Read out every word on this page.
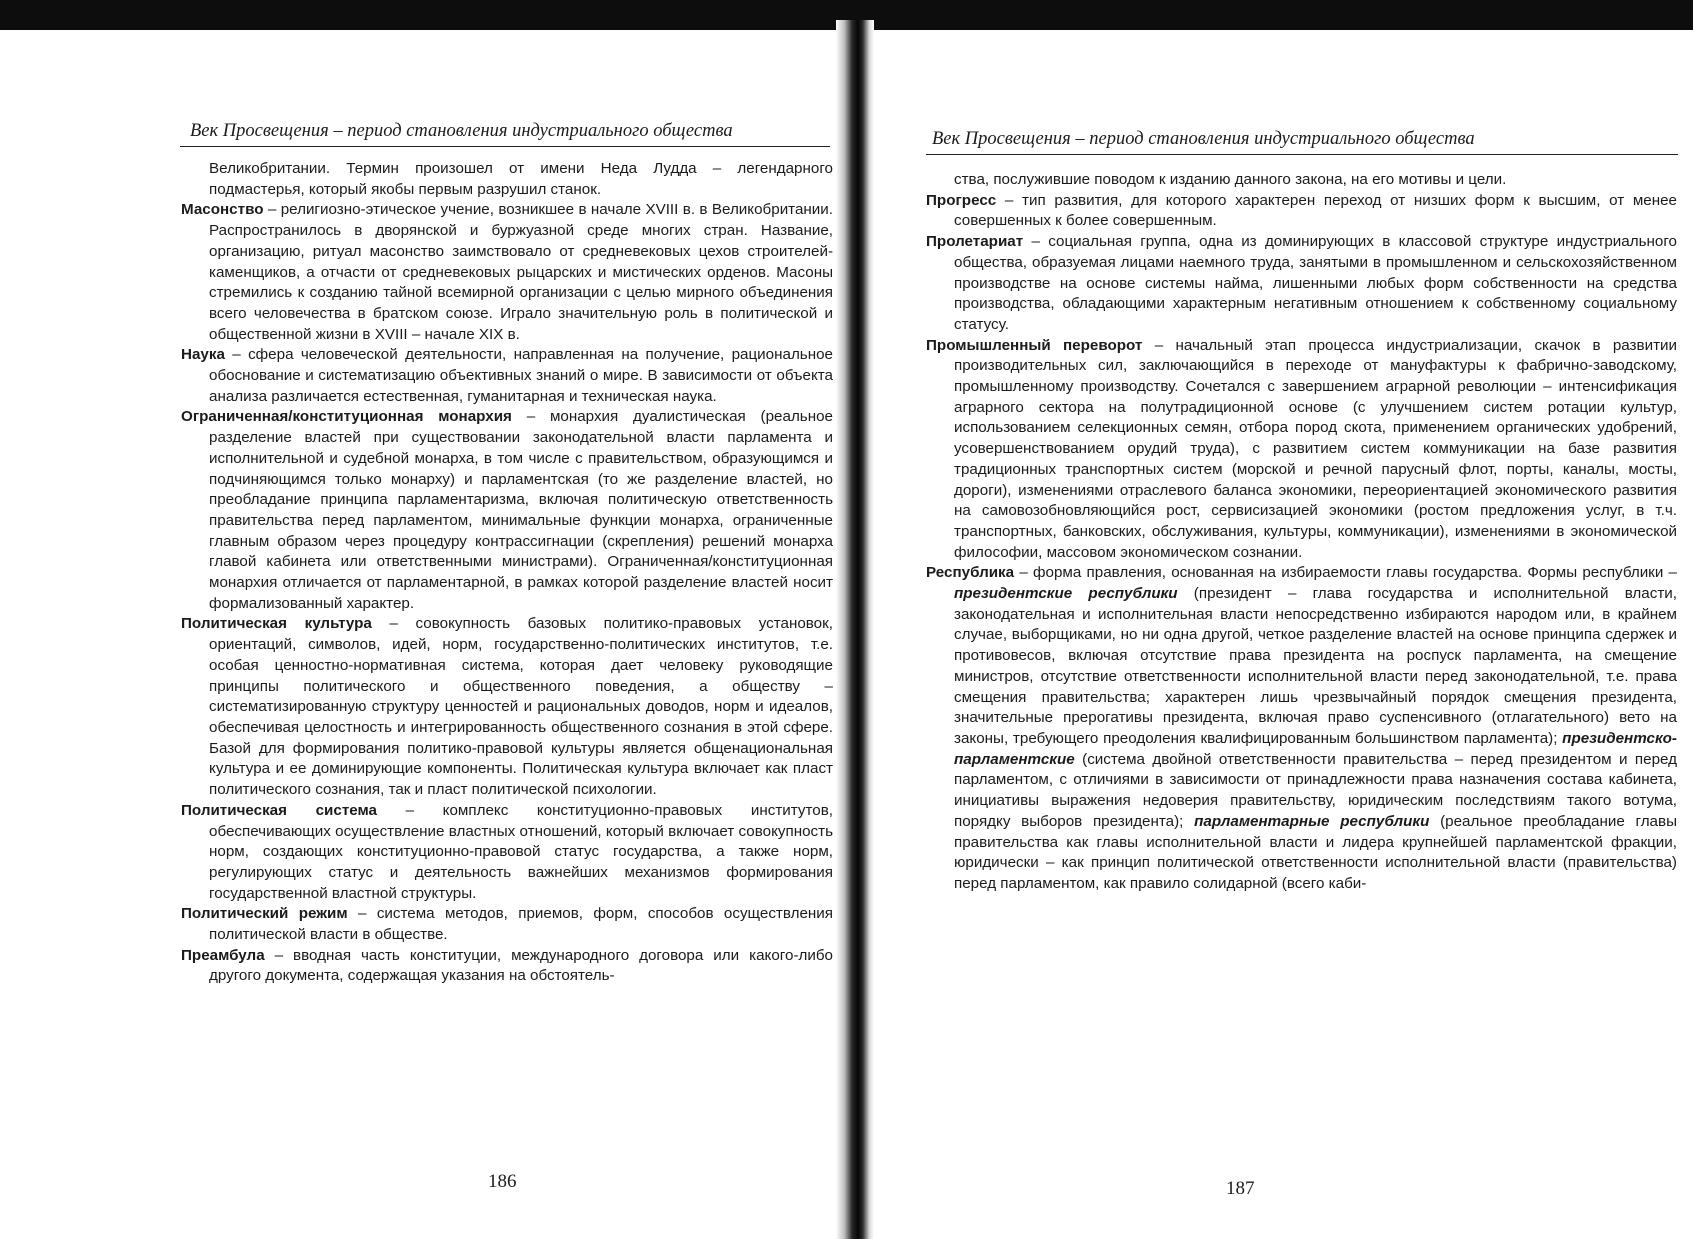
Век Просвещения – период становления индустриального общества

Великобритании. Термин произошел от имени Неда Лудда – легендарного подмастерья, который якобы первым разрушил станок.

Масонство – религиозно-этическое учение, возникшее в начале XVIII в. в Великобритании. Распространилось в дворянской и буржуазной среде многих стран. Название, организацию, ритуал масонство заимствовало от средневековых цехов строителей-каменщиков, а отчасти от средневековых рыцарских и мистических орденов. Масоны стремились к созданию тайной всемирной организации с целью мирного объединения всего человечества в братском союзе. Играло значительную роль в политической и общественной жизни в XVIII – начале XIX в.

Наука – сфера человеческой деятельности, направленная на получение, рациональное обоснование и систематизацию объективных знаний о мире. В зависимости от объекта анализа различается естественная, гуманитарная и техническая наука.

Ограниченная/конституционная монархия – монархия дуалистическая (реальное разделение властей при существовании законодательной власти парламента и исполнительной и судебной монарха, в том числе с правительством, образующимся и подчиняющимся только монарху) и парламентская (то же разделение властей, но преобладание принципа парламентаризма, включая политическую ответственность правительства перед парламентом, минимальные функции монарха, ограниченные главным образом через процедуру контрассигнации (скрепления) решений монарха главой кабинета или ответственными министрами). Ограниченная/конституционная монархия отличается от парламентарной, в рамках которой разделение властей носит формализованный характер.

Политическая культура – совокупность базовых политико-правовых установок, ориентаций, символов, идей, норм, государственно-политических институтов, т.е. особая ценностно-нормативная система, которая дает человеку руководящие принципы политического и общественного поведения, а обществу – систематизированную структуру ценностей и рациональных доводов, норм и идеалов, обеспечивая целостность и интегрированность общественного сознания в этой сфере. Базой для формирования политико-правовой культуры является общенациональная культура и ее доминирующие компоненты. Политическая культура включает как пласт политического сознания, так и пласт политической психологии.

Политическая система – комплекс конституционно-правовых институтов, обеспечивающих осуществление властных отношений, который включает совокупность норм, создающих конституционно-правовой статус государства, а также норм, регулирующих статус и деятельность важнейших механизмов формирования государственной властной структуры.

Политический режим – система методов, приемов, форм, способов осуществления политической власти в обществе.

Преамбула – вводная часть конституции, международного договора или какого-либо другого документа, содержащая указания на обстоятель-

186
Век Просвещения – период становления индустриального общества

ства, послужившие поводом к изданию данного закона, на его мотивы и цели.

Прогресс – тип развития, для которого характерен переход от низших форм к высшим, от менее совершенных к более совершенным.

Пролетариат – социальная группа, одна из доминирующих в классовой структуре индустриального общества, образуемая лицами наемного труда, занятыми в промышленном и сельскохозяйственном производстве на основе системы найма, лишенными любых форм собственности на средства производства, обладающими характерным негативным отношением к собственному социальному статусу.

Промышленный переворот – начальный этап процесса индустриализации, скачок в развитии производительных сил, заключающийся в переходе от мануфактуры к фабрично-заводскому, промышленному производству. Сочетался с завершением аграрной революции – интенсификация аграрного сектора на полутрадиционной основе (с улучшением систем ротации культур, использованием селекционных семян, отбора пород скота, применением органических удобрений, усовершенствованием орудий труда), с развитием систем коммуникации на базе развития традиционных транспортных систем (морской и речной парусный флот, порты, каналы, мосты, дороги), изменениями отраслевого баланса экономики, переориентацией экономического развития на самовозобновляющийся рост, сервисизацией экономики (ростом предложения услуг, в т.ч. транспортных, банковских, обслуживания, культуры, коммуникации), изменениями в экономической философии, массовом экономическом сознании.

Республика – форма правления, основанная на избираемости главы государства. Формы республики – президентские республики (президент – глава государства и исполнительной власти, законодательная и исполнительная власти непосредственно избираются народом или, в крайнем случае, выборщиками, но ни одна другой, четкое разделение властей на основе принципа сдержек и противовесов, включая отсутствие права президента на роспуск парламента, на смещение министров, отсутствие ответственности исполнительной власти перед законодательной, т.е. права смещения правительства; характерен лишь чрезвычайный порядок смещения президента, значительные прерогативы президента, включая право суспенсивного (отлагательного) вето на законы, требующего преодоления квалифицированным большинством парламента); президентско-парламентские (система двойной ответственности правительства – перед президентом и перед парламентом, с отличиями в зависимости от принадлежности права назначения состава кабинета, инициативы выражения недоверия правительству, юридическим последствиям такого вотума, порядку выборов президента); парламентарные республики (реальное преобладание главы правительства как главы исполнительной власти и лидера крупнейшей парламентской фракции, юридически – как принцип политической ответственности исполнительной власти (правительства) перед парламентом, как правило солидарной (всего каби-

187
